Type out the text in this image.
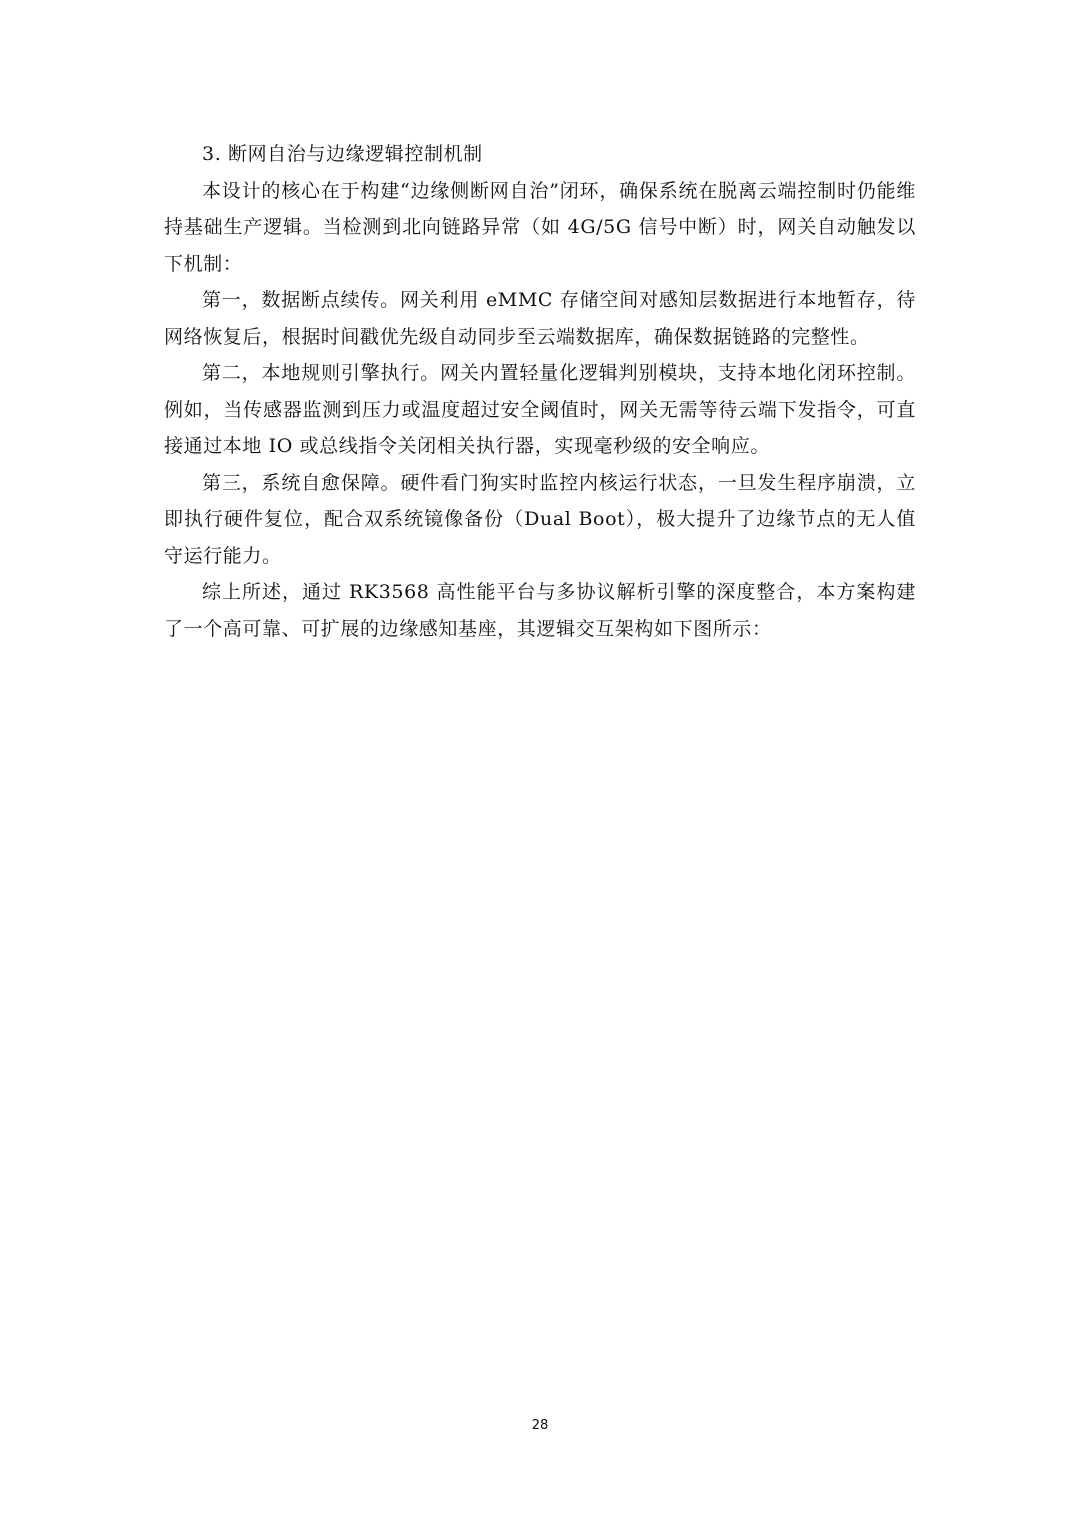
3. 断网自治与边缘逻辑控制机制

本设计的核心在于构建“边缘侧断网自治”闭环，确保系统在脱离云端控制时仍能维持基础生产逻辑。当检测到北向链路异常（如 4G/5G 信号中断）时，网关自动触发以下机制：

第一，数据断点续传。网关利用 eMMC 存储空间对感知层数据进行本地暂存，待网络恢复后，根据时间戳优先级自动同步至云端数据库，确保数据链路的完整性。

第二，本地规则引擎执行。网关内置轻量化逻辑判别模块，支持本地化闭环控制。例如，当传感器监测到压力或温度超过安全阈值时，网关无需等待云端下发指令，可直接通过本地 IO 或总线指令关闭相关执行器，实现毫秒级的安全响应。

第三，系统自愈保障。硬件看门狗实时监控内核运行状态，一旦发生程序崩溃，立即执行硬件复位，配合双系统镜像备份（Dual Boot），极大提升了边缘节点的无人值守运行能力。

综上所述，通过 RK3568 高性能平台与多协议解析引擎的深度整合，本方案构建了一个高可靠、可扩展的边缘感知基座，其逻辑交互架构如下图所示：

28
